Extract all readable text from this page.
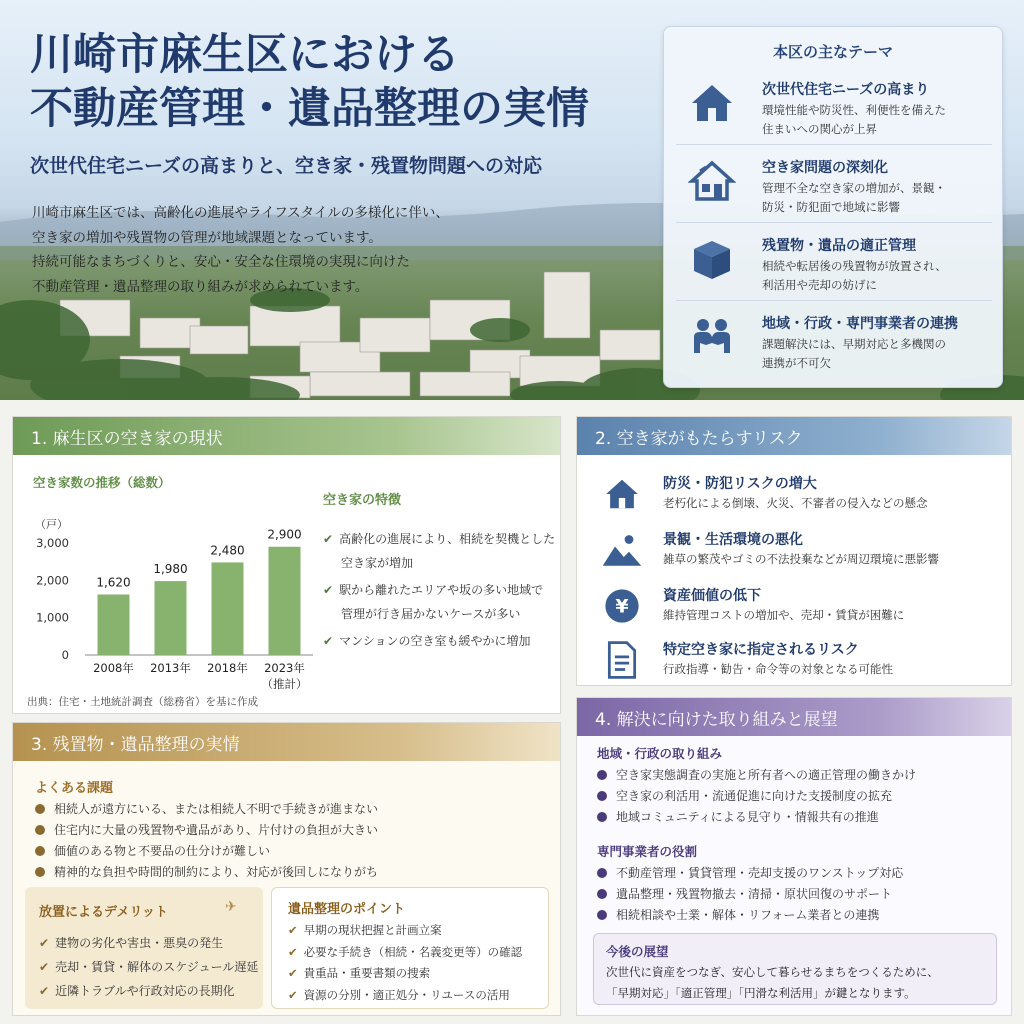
川崎市麻生区における
不動産管理・遺品整理の実情
次世代住宅ニーズの高まりと、空き家・残置物問題への対応
川崎市麻生区では、高齢化の進展やライフスタイルの多様化に伴い、
空き家の増加や残置物の管理が地域課題となっています。
持続可能なまちづくりと、安心・安全な住環境の実現に向けた
不動産管理・遺品整理の取り組みが求められています。
本区の主なテーマ
次世代住宅ニーズの高まり
環境性能や防災性、利便性を備えた
住まいへの関心が上昇
空き家問題の深刻化
管理不全な空き家の増加が、景観・
防災・防犯面で地域に影響
残置物・遺品の適正管理
相続や転居後の残置物が放置され、
利活用や売却の妨げに
地域・行政・専門事業者の連携
課題解決には、早期対応と多機関の
連携が不可欠
1. 麻生区の空き家の現状
空き家数の推移（総数）
0
1,000
2,000
3,000
1,620
2008年
1,980
2013年
2,480
2018年
2,900
2023年
（推計）
（戸）
出典：住宅・土地統計調査（総務省）を基に作成
空き家の特徴
✔ 高齢化の進展により、相続を契機とした
空き家が増加
✔ 駅から離れたエリアや坂の多い地域で
管理が行き届かないケースが多い
✔ マンションの空き室も緩やかに増加
2. 空き家がもたらすリスク
防災・防犯リスクの増大
老朽化による倒壊、火災、不審者の侵入などの懸念
景観・生活環境の悪化
雑草の繁茂やゴミの不法投棄などが周辺環境に悪影響
¥ 資産価値の低下
維持管理コストの増加や、売却・賃貸が困難に
特定空き家に指定されるリスク
行政指導・勧告・命令等の対象となる可能性
3. 残置物・遺品整理の実情
よくある課題
相続人が遠方にいる、または相続人不明で手続きが進まない
住宅内に大量の残置物や遺品があり、片付けの負担が大きい
価値のある物と不要品の仕分けが難しい
精神的な負担や時間的制約により、対応が後回しになりがち
放置によるデメリット	✈
✔ 建物の劣化や害虫・悪臭の発生
✔ 売却・賃貸・解体のスケジュール遅延
✔ 近隣トラブルや行政対応の長期化
遺品整理のポイント
✔ 早期の現状把握と計画立案
✔ 必要な手続き（相続・名義変更等）の確認
✔ 貴重品・重要書類の捜索
✔ 資源の分別・適正処分・リユースの活用
4. 解決に向けた取り組みと展望
地域・行政の取り組み
空き家実態調査の実施と所有者への適正管理の働きかけ
空き家の利活用・流通促進に向けた支援制度の拡充
地域コミュニティによる見守り・情報共有の推進
専門事業者の役割
不動産管理・賃貸管理・売却支援のワンストップ対応
遺品整理・残置物撤去・清掃・原状回復のサポート
相続相談や士業・解体・リフォーム業者との連携
今後の展望
次世代に資産をつなぎ、安心して暮らせるまちをつくるために、
「早期対応」「適正管理」「円滑な利活用」が鍵となります。
